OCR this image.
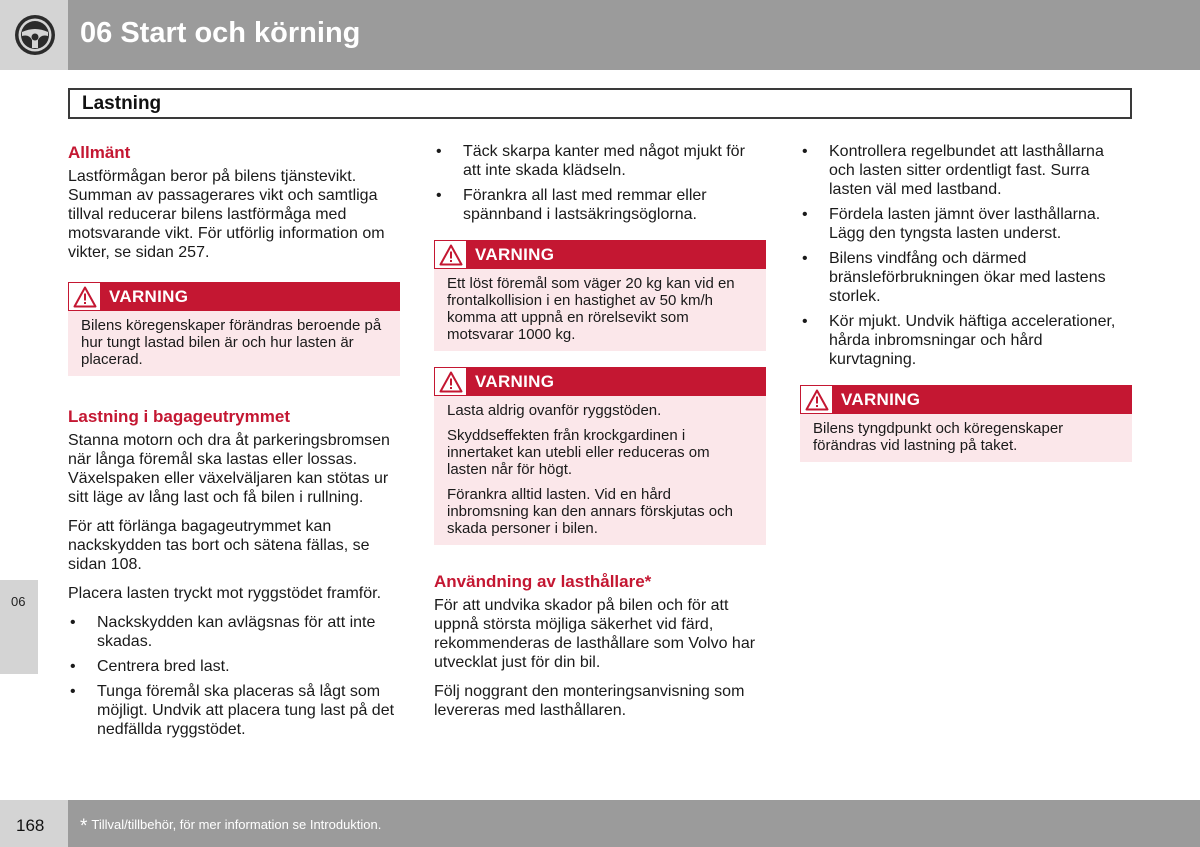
06 Start och körning
Lastning
06
Allmänt

Lastförmågan beror på bilens tjänstevikt. Summan av passagerares vikt och samtliga tillval reducerar bilens lastförmåga med motsvarande vikt. För utförlig information om vikter, se sidan 257.

VARNING

Bilens köregenskaper förändras beroende på hur tungt lastad bilen är och hur lasten är placerad.

Lastning i bagageutrymmet

Stanna motorn och dra åt parkeringsbromsen när långa föremål ska lastas eller lossas. Växelspaken eller växelväljaren kan stötas ur sitt läge av lång last och få bilen i rullning.

För att förlänga bagageutrymmet kan nackskydden tas bort och sätena fällas, se sidan 108.

Placera lasten tryckt mot ryggstödet framför.

• Nackskydden kan avlägsnas för att inte skadas.
• Centrera bred last.
• Tunga föremål ska placeras så lågt som möjligt. Undvik att placera tung last på det nedfällda ryggstödet.
• Täck skarpa kanter med något mjukt för att inte skada klädseln.
• Förankra all last med remmar eller spännband i lastsäkringsöglorna.
VARNING

Ett löst föremål som väger 20 kg kan vid en frontalkollision i en hastighet av 50 km/h komma att uppnå en rörelsevikt som motsvarar 1000 kg.

VARNING

Lasta aldrig ovanför ryggstöden.

Skyddseffekten från krockgardinen i innertaket kan utebli eller reduceras om lasten når för högt.

Förankra alltid lasten. Vid en hård inbromsning kan den annars förskjutas och skada personer i bilen.

Användning av lasthållare*

För att undvika skador på bilen och för att uppnå största möjliga säkerhet vid färd, rekommenderas de lasthållare som Volvo har utvecklat just för din bil.

Följ noggrant den monteringsanvisning som levereras med lasthållaren.

• Kontrollera regelbundet att lasthållarna och lasten sitter ordentligt fast. Surra lasten väl med lastband.
• Fördela lasten jämnt över lasthållarna. Lägg den tyngsta lasten underst.
• Bilens vindfång och därmed bränsleförbrukningen ökar med lastens storlek.
• Kör mjukt. Undvik häftiga accelerationer, hårda inbromsningar och hård kurvtagning.
VARNING

Bilens tyngdpunkt och köregenskaper förändras vid lastning på taket.

168 * Tillval/tillbehör, för mer information se Introduktion.
